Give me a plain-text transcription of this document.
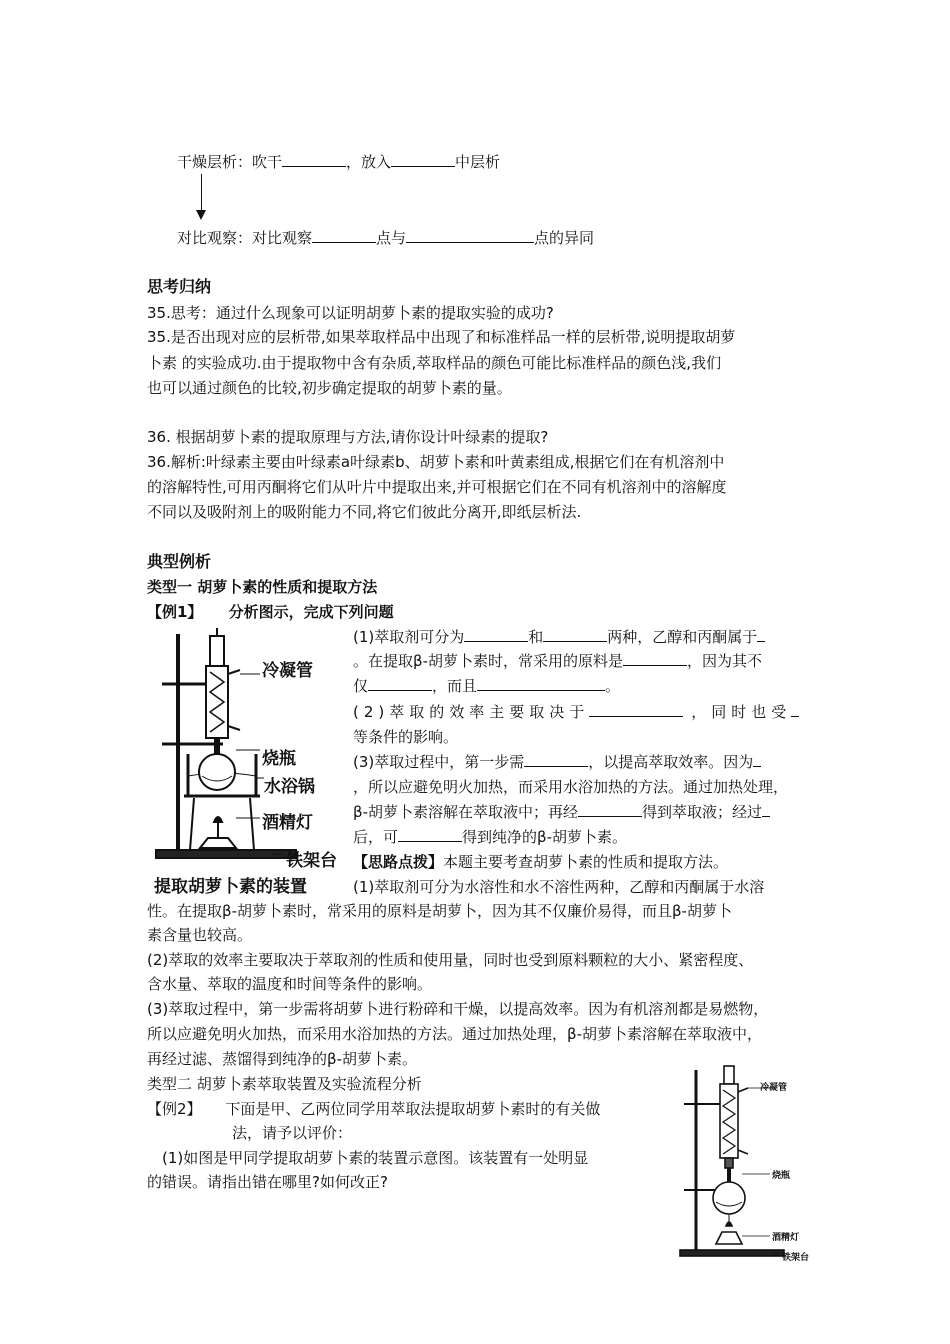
干燥层析：吹干	，放入	中层析
对比观察：对比观察	点与	点的异同
思考归纳
35.思考：通过什么现象可以证明胡萝卜素的提取实验的成功?
35.是否出现对应的层析带,如果萃取样品中出现了和标准样品一样的层析带,说明提取胡萝
卜素 的实验成功.由于提取物中含有杂质,萃取样品的颜色可能比标准样品的颜色浅,我们
也可以通过颜色的比较,初步确定提取的胡萝卜素的量。
36. 根据胡萝卜素的提取原理与方法,请你设计叶绿素的提取?
36.解析:叶绿素主要由叶绿素a叶绿素b、胡萝卜素和叶黄素组成,根据它们在有机溶剂中
的溶解特性,可用丙酮将它们从叶片中提取出来,并可根据它们在不同有机溶剂中的溶解度
不同以及吸附剂上的吸附能力不同,将它们彼此分离开,即纸层析法.
典型例析
类型一 胡萝卜素的性质和提取方法
【例1】 分析图示，完成下列问题
冷凝管
烧瓶
水浴锅
酒精灯
铁架台
提取胡萝卜素的装置
(1)萃取剂可分为	和	两种，乙醇和丙酮属于
。在提取β-胡萝卜素时，常采用的原料是	，因为其不
仅	，而且	。
(2)萃取的效率主要取决于	，同时也受
等条件的影响。
(3)萃取过程中，第一步需	，以提高萃取效率。因为
，所以应避免明火加热，而采用水浴加热的方法。通过加热处理，
β-胡萝卜素溶解在萃取液中；再经	得到萃取液；经过
后，可	得到纯净的β-胡萝卜素。
【思路点拨】本题主要考查胡萝卜素的性质和提取方法。
(1)萃取剂可分为水溶性和水不溶性两种，乙醇和丙酮属于水溶
性。在提取β-胡萝卜素时，常采用的原料是胡萝卜，因为其不仅廉价易得，而且β-胡萝卜
素含量也较高。
(2)萃取的效率主要取决于萃取剂的性质和使用量，同时也受到原料颗粒的大小、紧密程度、
含水量、萃取的温度和时间等条件的影响。
(3)萃取过程中，第一步需将胡萝卜进行粉碎和干燥，以提高效率。因为有机溶剂都是易燃物，
所以应避免明火加热，而采用水浴加热的方法。通过加热处理，β-胡萝卜素溶解在萃取液中，
再经过滤、蒸馏得到纯净的β-胡萝卜素。
类型二 胡萝卜素萃取装置及实验流程分析
【例2】 下面是甲、乙两位同学用萃取法提取胡萝卜素时的有关做
法，请予以评价：
(1)如图是甲同学提取胡萝卜素的装置示意图。该装置有一处明显
的错误。请指出错在哪里?如何改正?
冷凝管
烧瓶
酒精灯
铁架台
